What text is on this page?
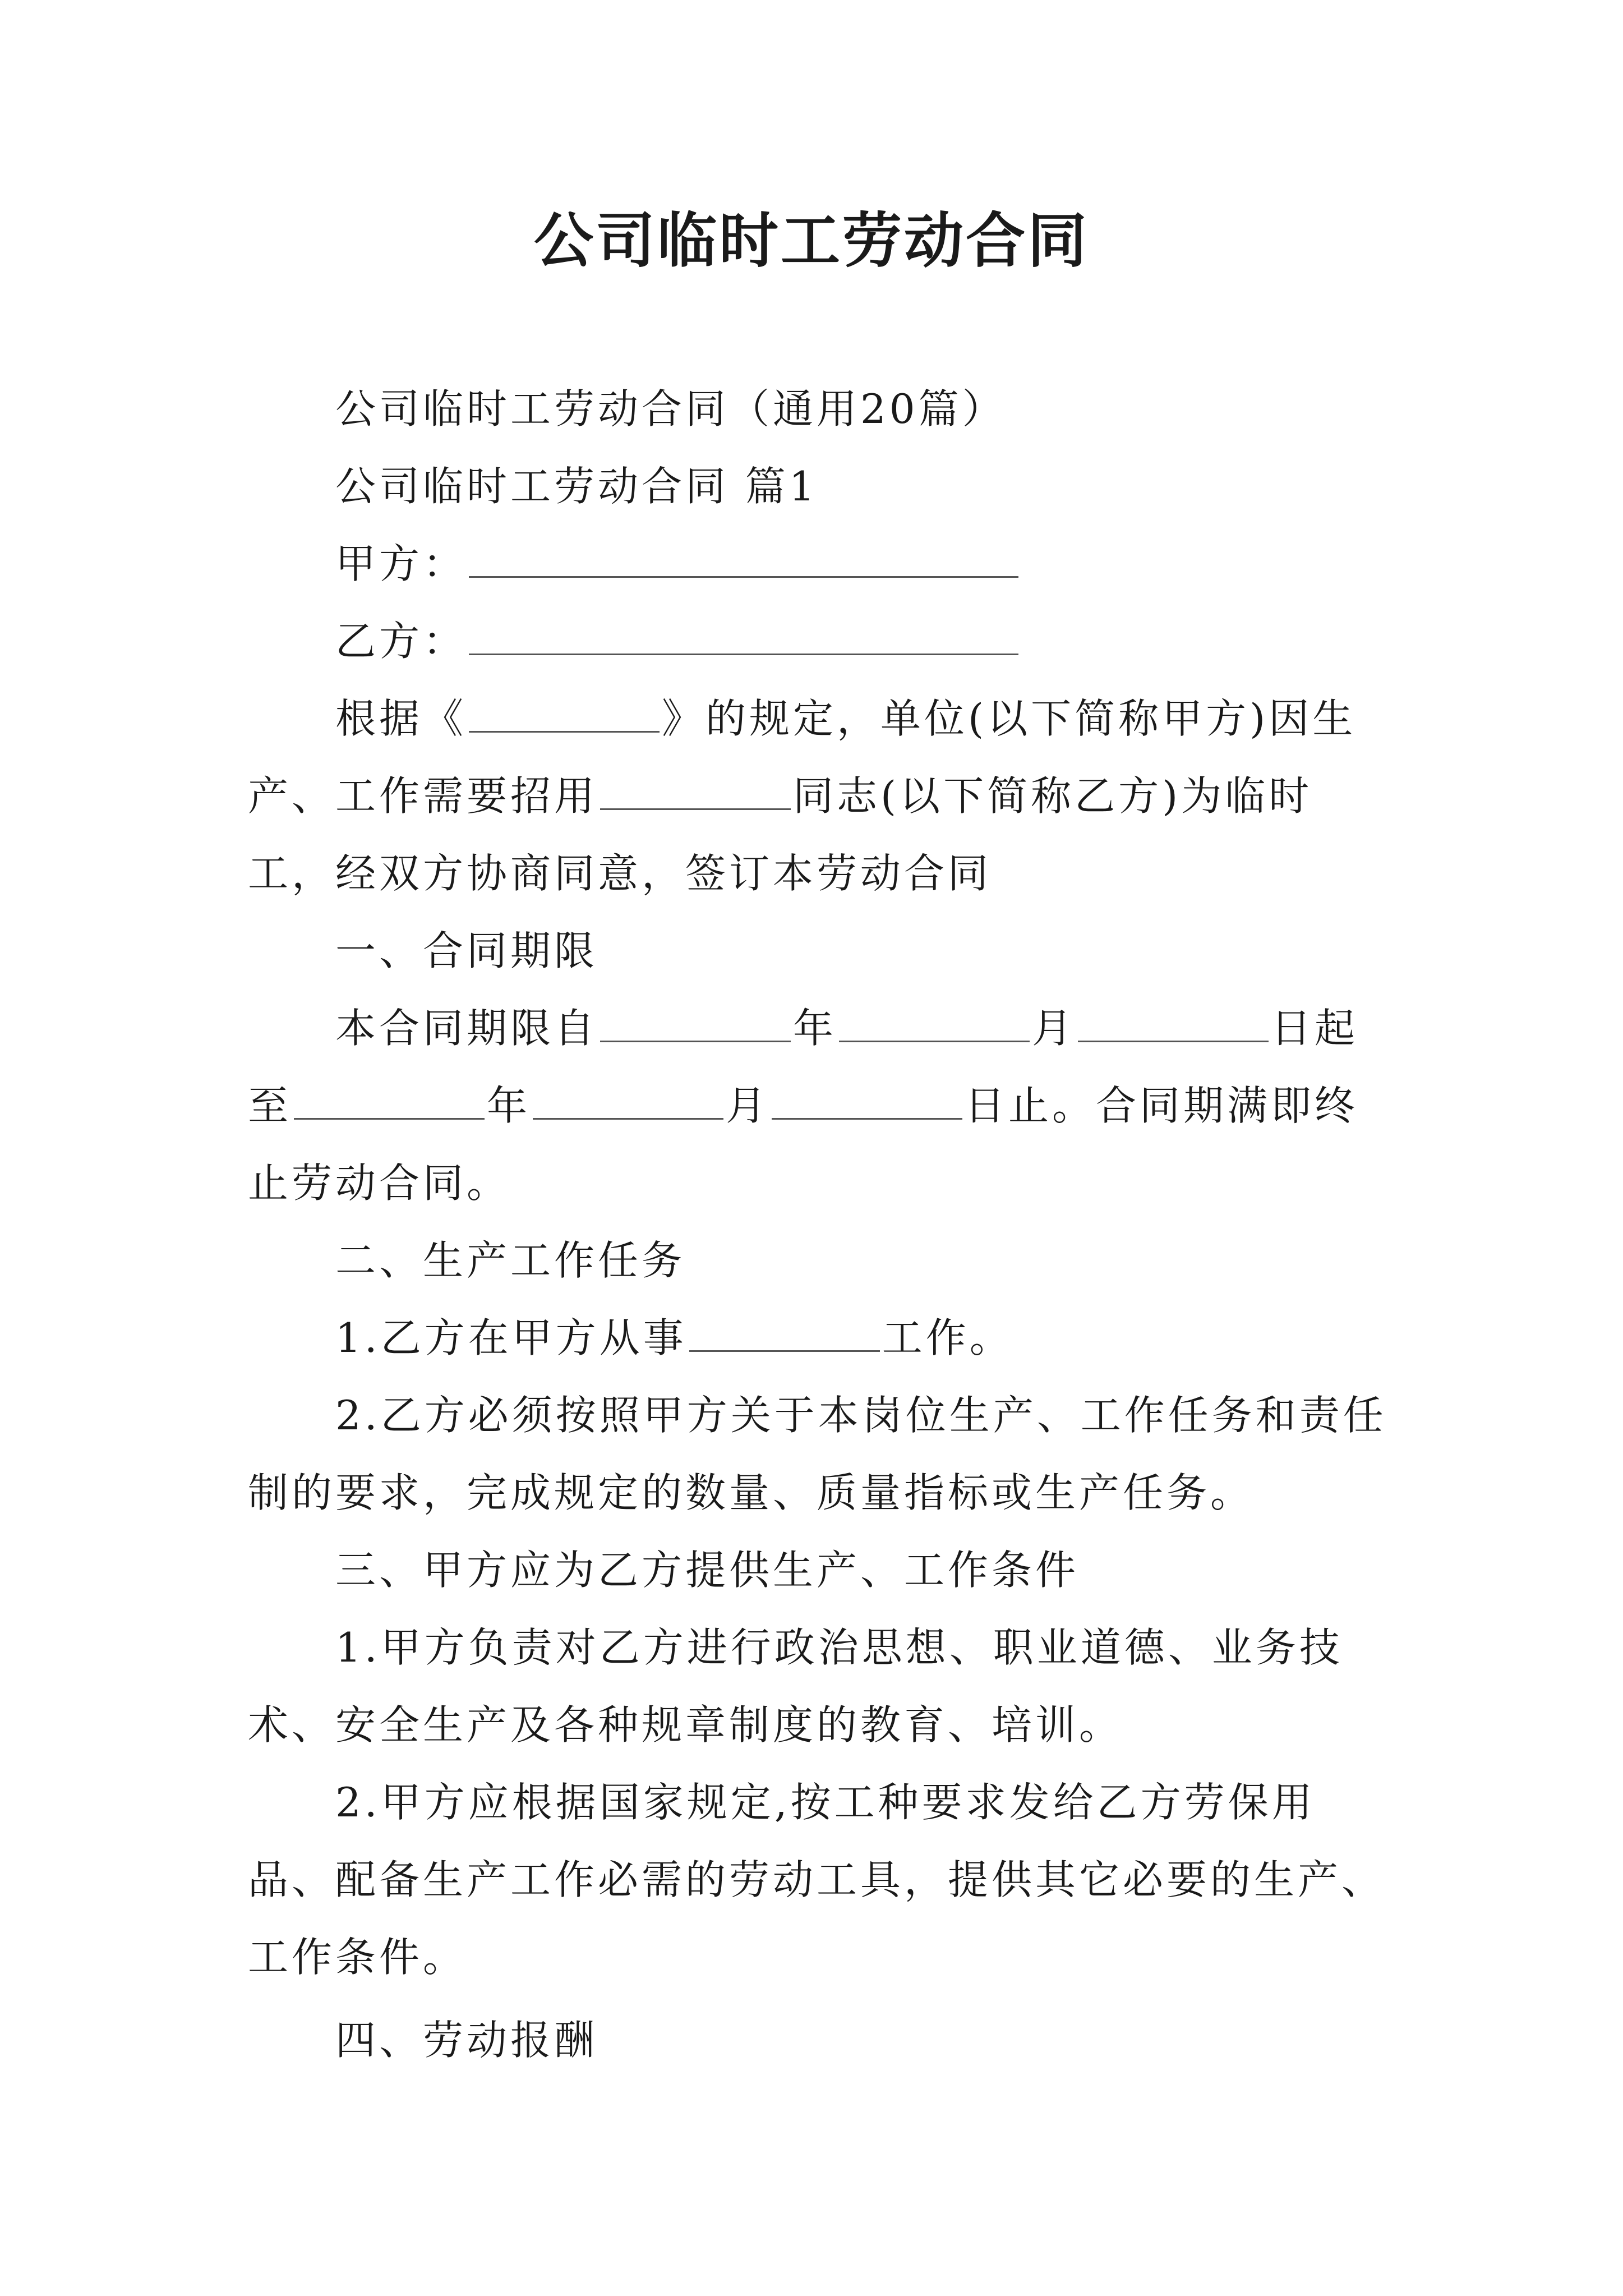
公司临时工劳动合同

公司临时工劳动合同（通用20篇）

公司临时工劳动合同 篇1

甲方：

乙方：

根据《	》的规定，单位(以下简称甲方)因生产、工作需要招用	同志(以下简称乙方)为临时工，经双方协商同意，签订本劳动合同

一、合同期限

本合同期限自	年	月	日起至	年	月	日止。合同期满即终止劳动合同。

二、生产工作任务

1.乙方在甲方从事	工作。

2.乙方必须按照甲方关于本岗位生产、工作任务和责任制的要求，完成规定的数量、质量指标或生产任务。

三、甲方应为乙方提供生产、工作条件

1.甲方负责对乙方进行政治思想、职业道德、业务技术、安全生产及各种规章制度的教育、培训。

2.甲方应根据国家规定,按工种要求发给乙方劳保用品、配备生产工作必需的劳动工具，提供其它必要的生产、工作条件。

四、劳动报酬
